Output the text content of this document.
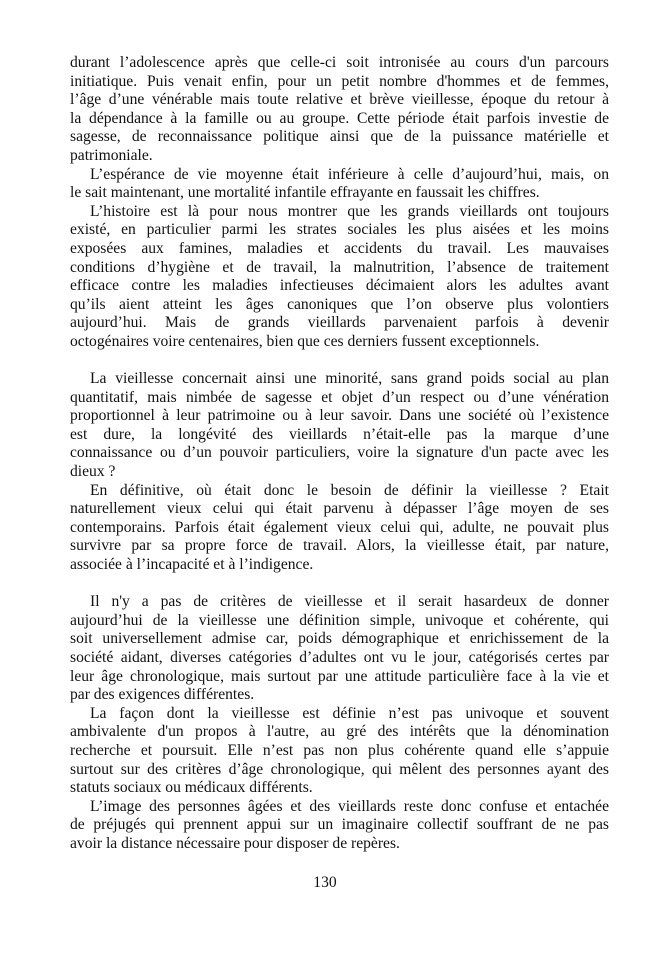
durant l’adolescence après que celle-ci soit intronisée au cours d'un parcours
initiatique. Puis venait enfin, pour un petit nombre d'hommes et de femmes,
l’âge d’une vénérable mais toute relative et brève vieillesse, époque du retour à
la dépendance à la famille ou au groupe. Cette période était parfois investie de
sagesse, de reconnaissance politique ainsi que de la puissance matérielle et
patrimoniale.
L’espérance de vie moyenne était inférieure à celle d’aujourd’hui, mais, on
le sait maintenant, une mortalité infantile effrayante en faussait les chiffres.
L’histoire est là pour nous montrer que les grands vieillards ont toujours
existé, en particulier parmi les strates sociales les plus aisées et les moins
exposées aux famines, maladies et accidents du travail. Les mauvaises
conditions d’hygiène et de travail, la malnutrition, l’absence de traitement
efficace contre les maladies infectieuses décimaient alors les adultes avant
qu’ils aient atteint les âges canoniques que l’on observe plus volontiers
aujourd’hui. Mais de grands vieillards parvenaient parfois à devenir
octogénaires voire centenaires, bien que ces derniers fussent exceptionnels.
La vieillesse concernait ainsi une minorité, sans grand poids social au plan
quantitatif, mais nimbée de sagesse et objet d’un respect ou d’une vénération
proportionnel à leur patrimoine ou à leur savoir. Dans une société où l’existence
est dure, la longévité des vieillards n’était-elle pas la marque d’une
connaissance ou d’un pouvoir particuliers, voire la signature d'un pacte avec les
dieux ?
En définitive, où était donc le besoin de définir la vieillesse ? Etait
naturellement vieux celui qui était parvenu à dépasser l’âge moyen de ses
contemporains. Parfois était également vieux celui qui, adulte, ne pouvait plus
survivre par sa propre force de travail. Alors, la vieillesse était, par nature,
associée à l’incapacité et à l’indigence.
Il n'y a pas de critères de vieillesse et il serait hasardeux de donner
aujourd’hui de la vieillesse une définition simple, univoque et cohérente, qui
soit universellement admise car, poids démographique et enrichissement de la
société aidant, diverses catégories d’adultes ont vu le jour, catégorisés certes par
leur âge chronologique, mais surtout par une attitude particulière face à la vie et
par des exigences différentes.
La façon dont la vieillesse est définie n’est pas univoque et souvent
ambivalente d'un propos à l'autre, au gré des intérêts que la dénomination
recherche et poursuit. Elle n’est pas non plus cohérente quand elle s’appuie
surtout sur des critères d’âge chronologique, qui mêlent des personnes ayant des
statuts sociaux ou médicaux différents.
L’image des personnes âgées et des vieillards reste donc confuse et entachée
de préjugés qui prennent appui sur un imaginaire collectif souffrant de ne pas
avoir la distance nécessaire pour disposer de repères.
130
